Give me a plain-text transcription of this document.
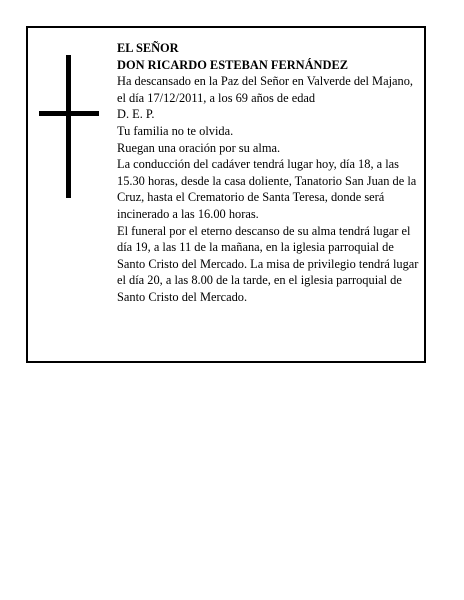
EL SEÑOR

DON RICARDO ESTEBAN FERNÁNDEZ

Ha descansado en la Paz del Señor en Valverde del Majano, el día 17/12/2011, a los 69 años de edad

D. E. P.

Tu familia no te olvida.

Ruegan una oración por su alma.

La conducción del cadáver tendrá lugar hoy, día 18, a las 15.30 horas, desde la casa doliente, Tanatorio San Juan de la Cruz, hasta el Crematorio de Santa Teresa, donde será incinerado a las 16.00 horas.

El funeral por el eterno descanso de su alma tendrá lugar el día 19, a las 11 de la mañana, en la iglesia parroquial de Santo Cristo del Mercado. La misa de privilegio tendrá lugar el día 20, a las 8.00 de la tarde, en el iglesia parroquial de Santo Cristo del Mercado.
